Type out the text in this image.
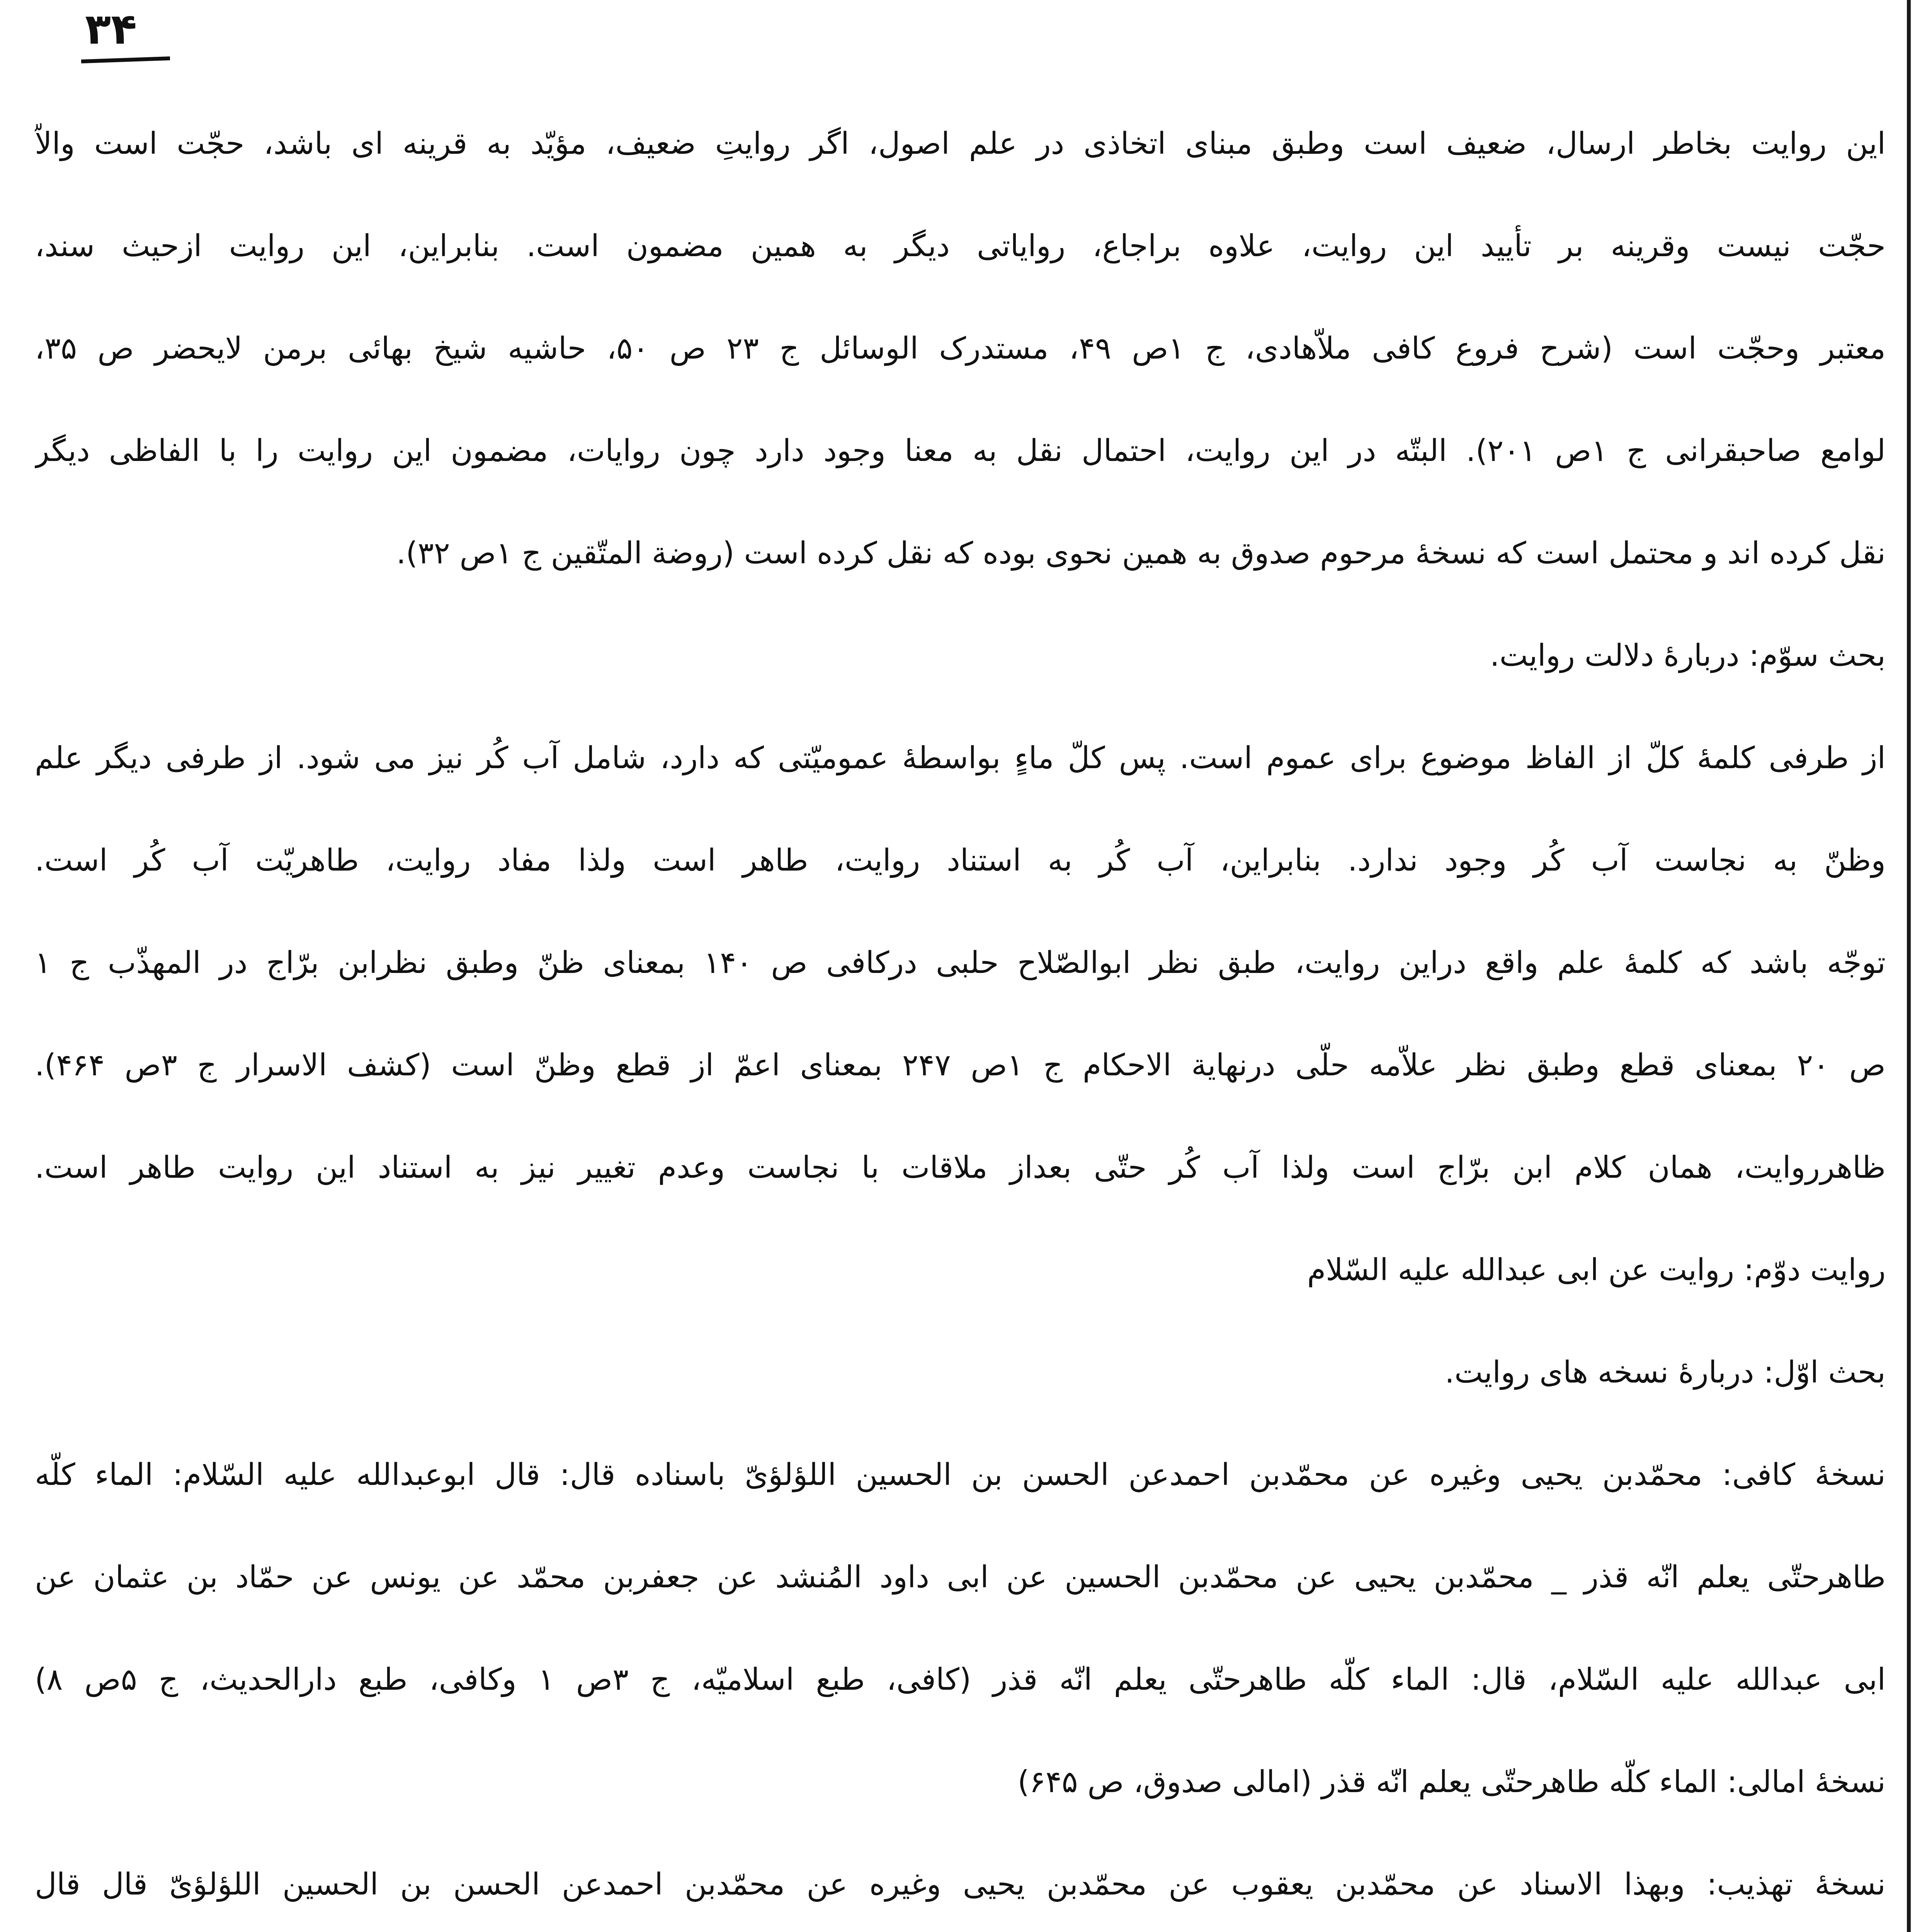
۳۴
این روایت بخاطر ارسال، ضعیف است وطبق مبنای اتخاذی در علم اصول، اگر روایتِ ضعیف، مؤیّد به قرینه ای باشد، حجّت است والاّ
حجّت نیست وقرینه بر تأیید این روایت، علاوه براجاع، روایاتی دیگر به همین مضمون است. بنابراین، این روایت ازحیث سند،
معتبر وحجّت است (شرح فروع کافی ملاّهادی، ج ۱ص ۴۹، مستدرک الوسائل ج ۲۳ ص ۵۰، حاشیه شیخ بهائی برمن لایحضر ص ۳۵،
لوامع صاحبقرانی ج ۱ص ۲۰۱). البتّه در این روایت، احتمال نقل به معنا وجود دارد چون روایات، مضمون این روایت را با الفاظی دیگر
نقل کرده اند و محتمل است که نسخهٔ مرحوم صدوق به همین نحوی بوده که نقل کرده است (روضة المتّقین ج ۱ص ۳۲).
بحث سوّم: دربارهٔ دلالت روایت.
از طرفی کلمهٔ کلّ از الفاظ موضوع برای عموم است. پس کلّ ماءٍ بواسطهٔ عمومیّتی که دارد، شامل آب کُر نیز می شود. از طرفی دیگر علم
وظنّ به نجاست آب کُر وجود ندارد. بنابراین، آب کُر به استناد روایت، طاهر است ولذا مفاد روایت، طاهریّت آب کُر است.
توجّه باشد که کلمهٔ علم واقع دراین روایت، طبق نظر ابوالصّلاح حلبی درکافی ص ۱۴۰ بمعنای ظنّ وطبق نظرابن برّاج در المهذّب ج ۱
ص ۲۰ بمعنای قطع وطبق نظر علاّمه حلّی درنهایة الاحکام ج ۱ص ۲۴۷ بمعنای اعمّ از قطع وظنّ است (کشف الاسرار ج ۳ص ۴۶۴).
ظاهرروایت، همان کلام ابن برّاج است ولذا آب کُر حتّی بعداز ملاقات با نجاست وعدم تغییر نیز به استناد این روایت طاهر است.
روایت دوّم: روایت عن ابی عبدالله علیه السّلام
بحث اوّل: دربارهٔ نسخه های روایت.
نسخهٔ کافی: محمّدبن یحیی وغیره عن محمّدبن احمدعن الحسن بن الحسین اللؤلؤیّ باسناده قال: قال ابوعبدالله علیه السّلام: الماء کلّه
طاهرحتّی یعلم انّه قذر _ محمّدبن یحیی عن محمّدبن الحسین عن ابی داود المُنشد عن جعفربن محمّد عن یونس عن حمّاد بن عثمان عن
ابی عبدالله علیه السّلام، قال: الماء کلّه طاهرحتّی یعلم انّه قذر (کافی، طبع اسلامیّه، ج ۳ص ۱ وکافی، طبع دارالحدیث، ج ۵ص ۸)
نسخهٔ امالی: الماء کلّه طاهرحتّی یعلم انّه قذر (امالی صدوق، ص ۶۴۵)
نسخهٔ تهذیب: وبهذا الاسناد عن محمّدبن یعقوب عن محمّدبن یحیی وغیره عن محمّدبن احمدعن الحسن بن الحسین اللؤلؤیّ قال قال
